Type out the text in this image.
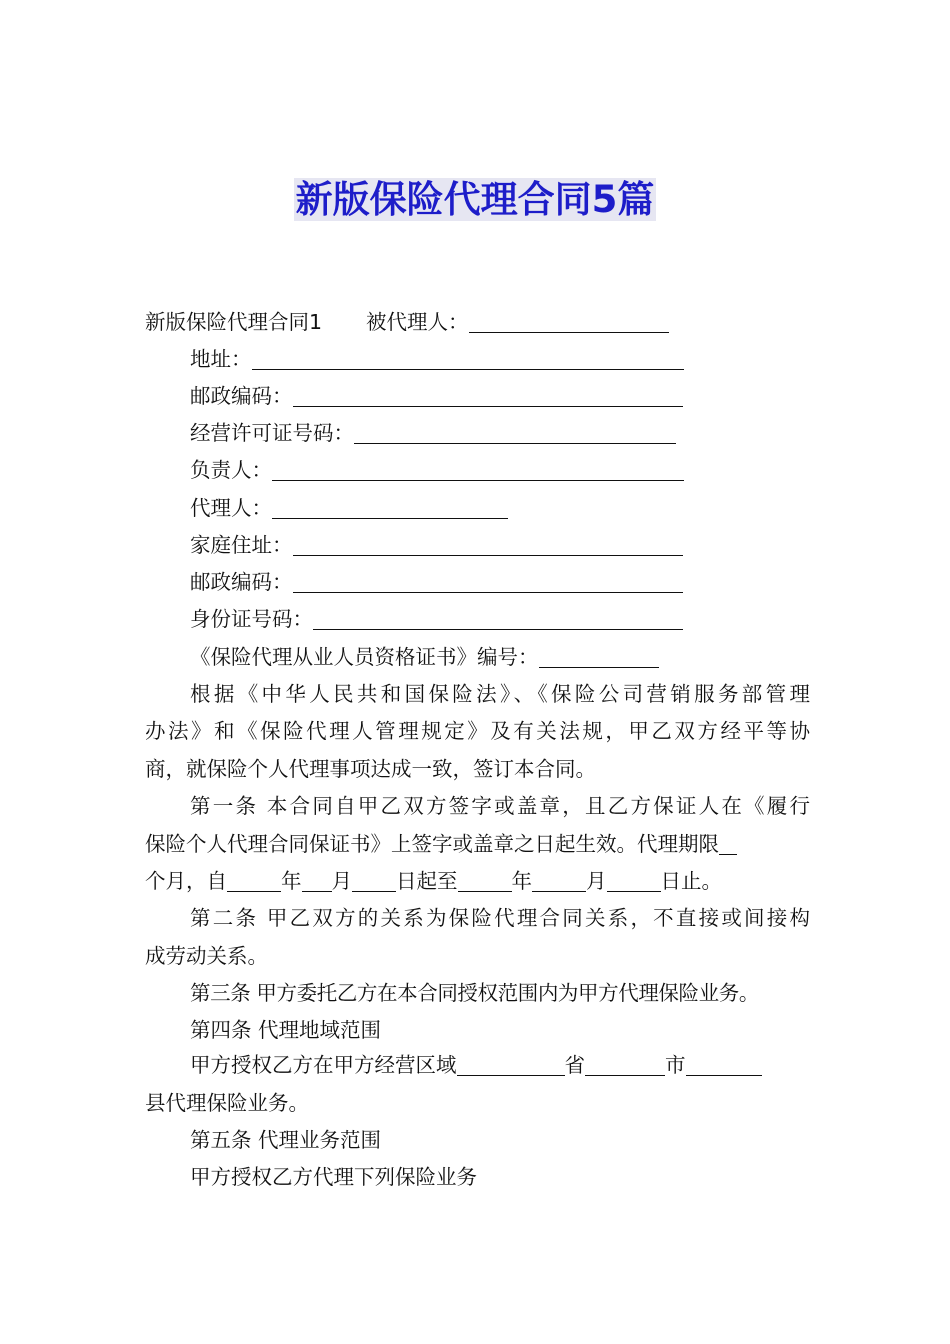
新版保险代理合同5篇
新版保险代理合同1 被代理人：
地址：
邮政编码：
经营许可证号码：
负责人：
代理人：
家庭住址：
邮政编码：
身份证号码：
《保险代理从业人员资格证书》编号：
根据《中华人民共和国保险法》、《保险公司营销服务部管理
办法》和《保险代理人管理规定》及有关法规，甲乙双方经平等协
商，就保险个人代理事项达成一致，签订本合同。
第一条 本合同自甲乙双方签字或盖章，且乙方保证人在《履行
保险个人代理合同保证书》上签字或盖章之日起生效。代理期限
个月，自	年 月 日起至	年	月	日止。
第二条 甲乙双方的关系为保险代理合同关系，不直接或间接构
成劳动关系。
第三条 甲方委托乙方在本合同授权范围内为甲方代理保险业务。
第四条 代理地域范围
甲方授权乙方在甲方经营区域	省	市
县代理保险业务。
第五条 代理业务范围
甲方授权乙方代理下列保险业务
